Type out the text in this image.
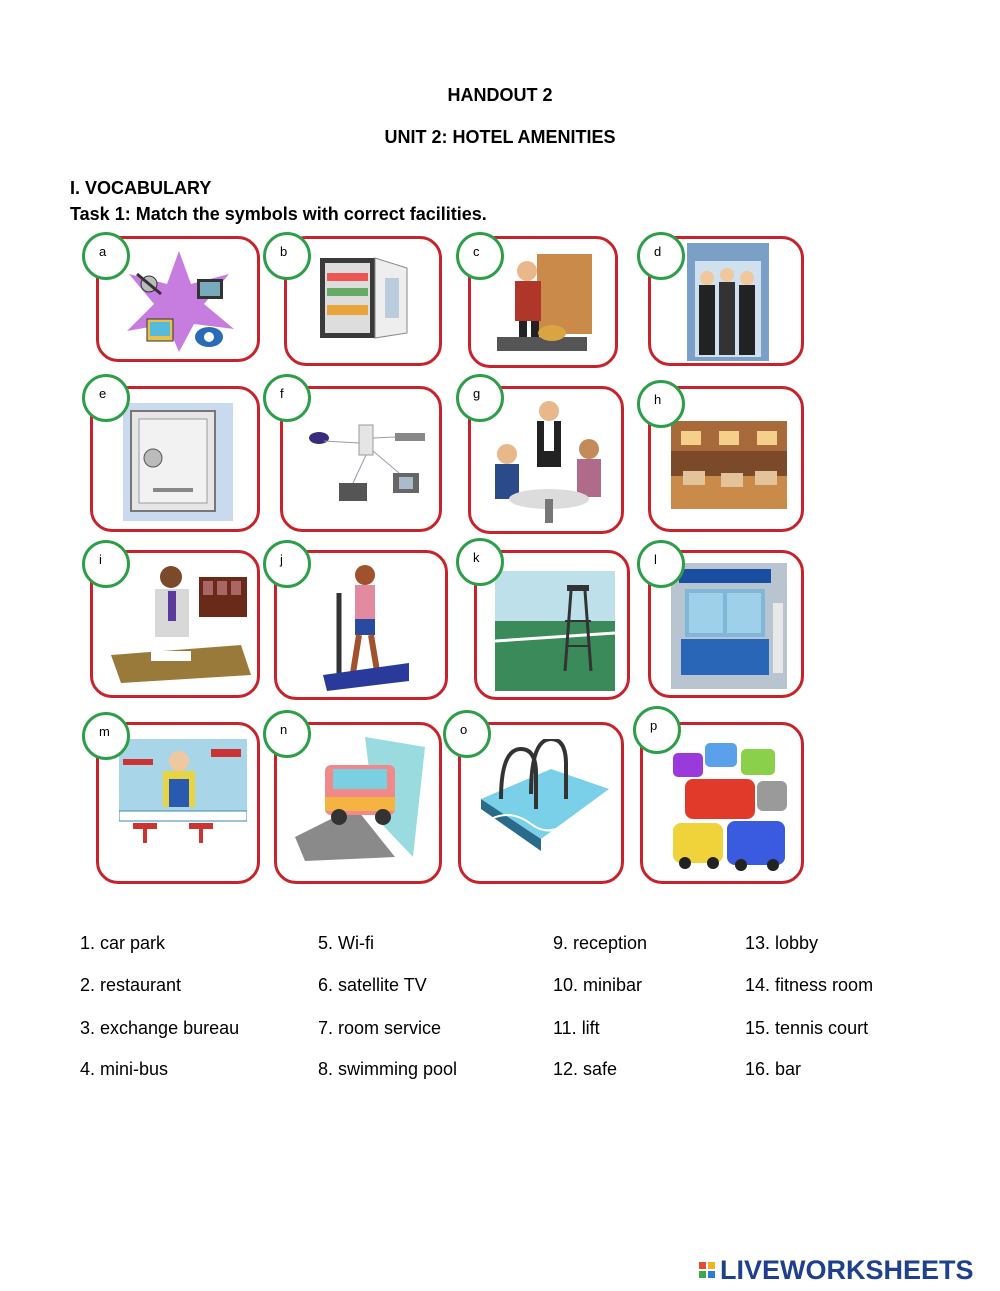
HANDOUT 2
UNIT 2: HOTEL AMENITIES
I. VOCABULARY
Task 1: Match the symbols with correct facilities.
a	b	c	d
e	f	g	h
i	j	k	l
m	n	o	p
1. car park
2. restaurant
3. exchange bureau
4. mini-bus
5. Wi-fi
6. satellite TV
7. room service
8. swimming pool
9. reception
10. minibar
11. lift
12. safe
13. lobby
14. fitness room
15. tennis court
16. bar
LIVEWORKSHEETS
